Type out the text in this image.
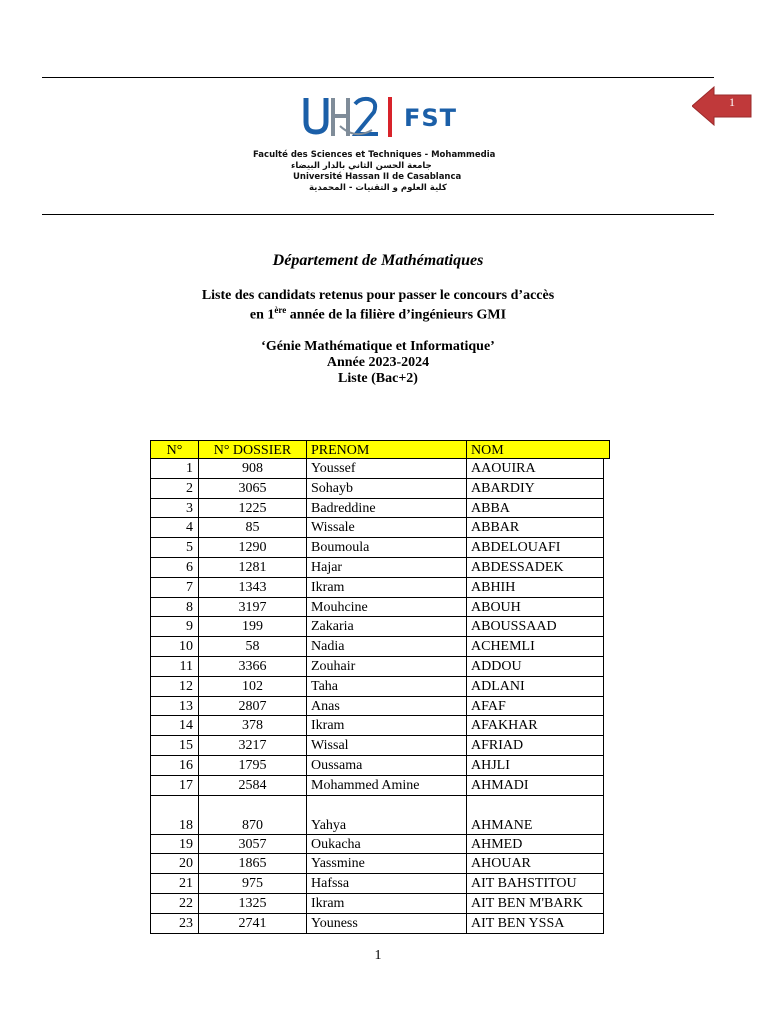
1
FST
Faculté des Sciences et Techniques - Mohammedia
جامعة الحسن الثاني بالدار البيضاء
Université Hassan II de Casablanca
كلية العلوم و التقنيات - المحمدية
Département de Mathématiques
Liste des candidats retenus pour passer le concours d’accès
en 1ère année de la filière d’ingénieurs GMI
‘Génie Mathématique et Informatique’
Année 2023-2024
Liste (Bac+2)
N°	N° DOSSIER	PRENOM	NOM
1	908	Youssef	AAOUIRA
2	3065	Sohayb	ABARDIY
3	1225	Badreddine	ABBA
4	85	Wissale	ABBAR
5	1290	Boumoula	ABDELOUAFI
6	1281	Hajar	ABDESSADEK
7	1343	Ikram	ABHIH
8	3197	Mouhcine	ABOUH
9	199	Zakaria	ABOUSSAAD
10	58	Nadia	ACHEMLI
11	3366	Zouhair	ADDOU
12	102	Taha	ADLANI
13	2807	Anas	AFAF
14	378	Ikram	AFAKHAR
15	3217	Wissal	AFRIAD
16	1795	Oussama	AHJLI
17	2584	Mohammed Amine	AHMADI
18	870	Yahya	AHMANE
19	3057	Oukacha	AHMED
20	1865	Yassmine	AHOUAR
21	975	Hafssa	AIT BAHSTITOU
22	1325	Ikram	AIT BEN M'BARK
23	2741	Youness	AIT BEN YSSA
1
